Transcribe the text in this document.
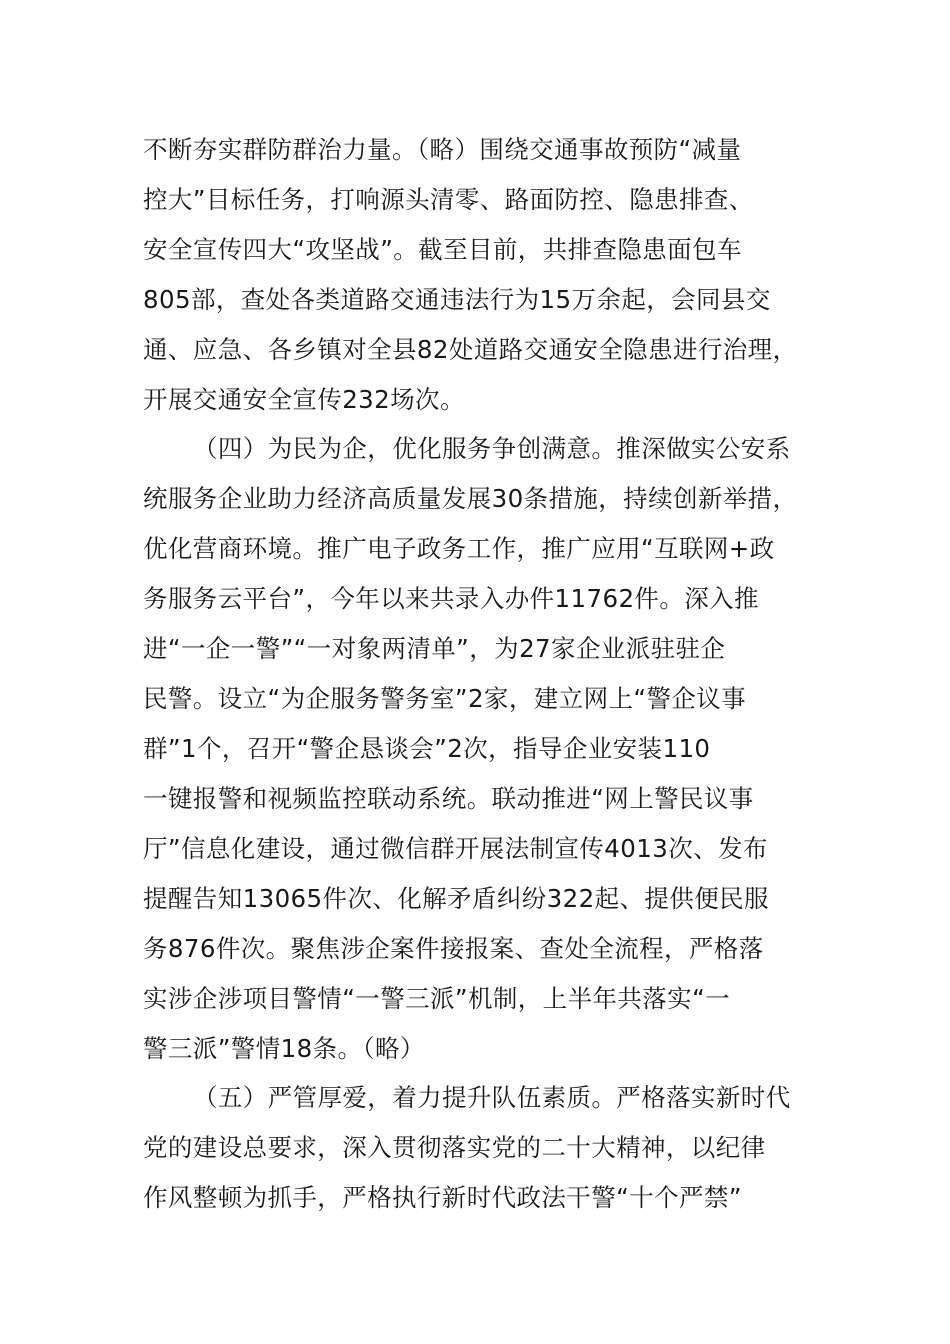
不断夯实群防群治力量。（略）围绕交通事故预防“减量
控大”目标任务，打响源头清零、路面防控、隐患排查、
安全宣传四大“攻坚战”。截至目前，共排查隐患面包车
805部，查处各类道路交通违法行为15万余起，会同县交
通、应急、各乡镇对全县82处道路交通安全隐患进行治理，
开展交通安全宣传232场次。
（四）为民为企，优化服务争创满意。推深做实公安系
统服务企业助力经济高质量发展30条措施，持续创新举措，
优化营商环境。推广电子政务工作，推广应用“互联网+政
务服务云平台”，今年以来共录入办件11762件。深入推
进“一企一警”“一对象两清单”，为27家企业派驻驻企
民警。设立“为企服务警务室”2家，建立网上“警企议事
群”1个，召开“警企恳谈会”2次，指导企业安装110
一键报警和视频监控联动系统。联动推进“网上警民议事
厅”信息化建设，通过微信群开展法制宣传4013次、发布
提醒告知13065件次、化解矛盾纠纷322起、提供便民服
务876件次。聚焦涉企案件接报案、查处全流程，严格落
实涉企涉项目警情“一警三派”机制，上半年共落实“一
警三派”警情18条。（略）
（五）严管厚爱，着力提升队伍素质。严格落实新时代
党的建设总要求，深入贯彻落实党的二十大精神，以纪律
作风整顿为抓手，严格执行新时代政法干警“十个严禁”
